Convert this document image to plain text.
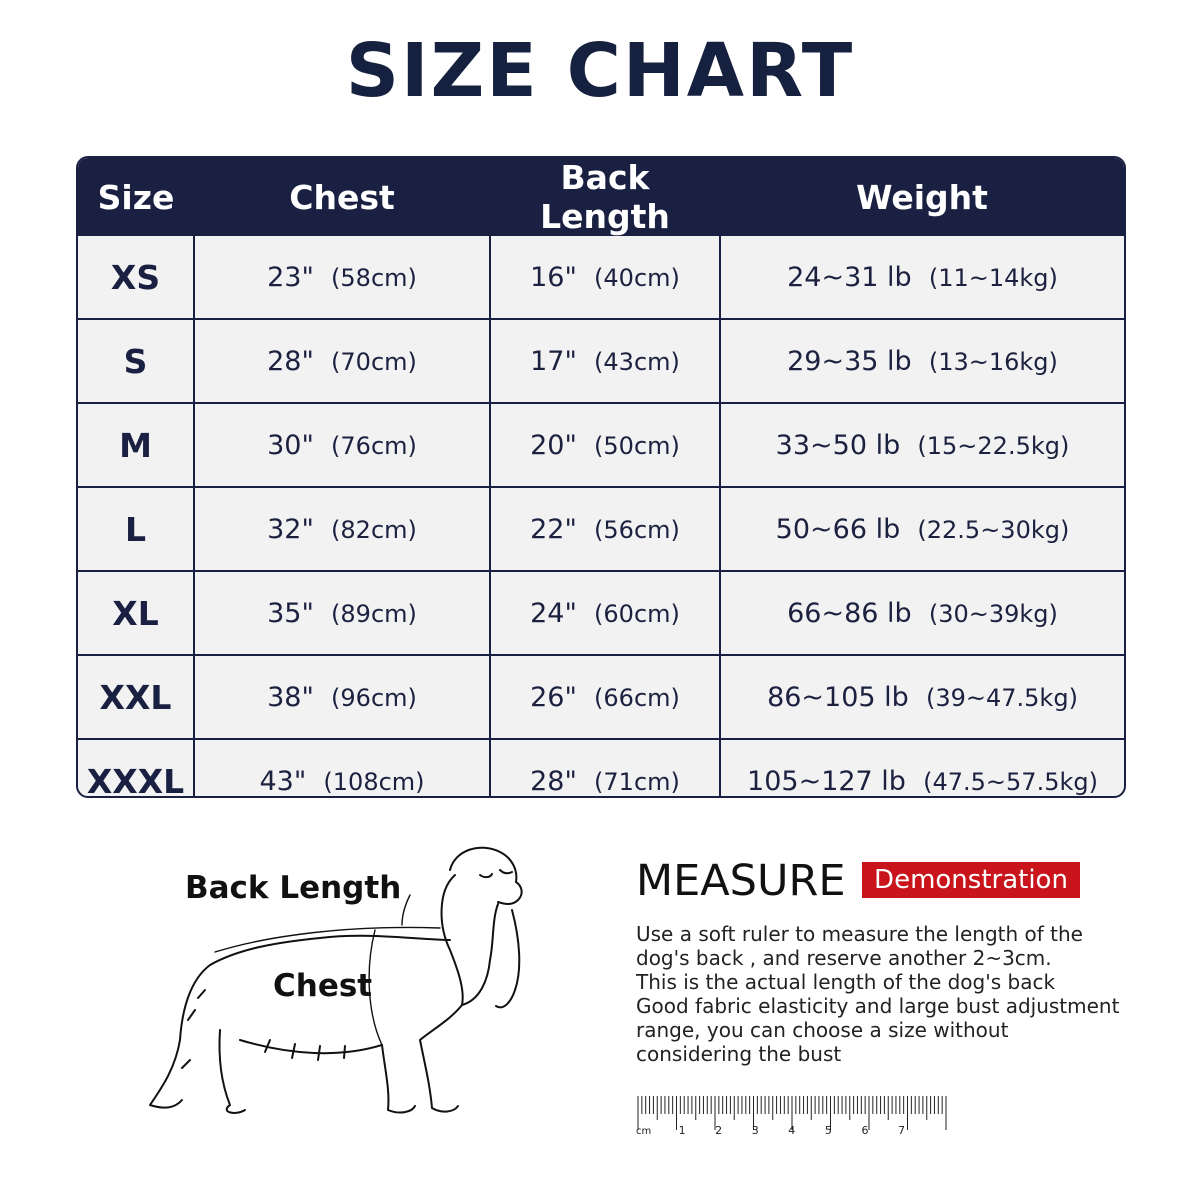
SIZE CHART
Size	Chest	Back Length	Weight
XS	23" (58cm)	16" (40cm)	24~31 lb (11~14kg)
S	28" (70cm)	17" (43cm)	29~35 lb (13~16kg)
M	30" (76cm)	20" (50cm)	33~50 lb (15~22.5kg)
L	32" (82cm)	22" (56cm)	50~66 lb (22.5~30kg)
XL	35" (89cm)	24" (60cm)	66~86 lb (30~39kg)
XXL	38" (96cm)	26" (66cm)	86~105 lb (39~47.5kg)
XXXL	43" (108cm)	28" (71cm)	105~127 lb (47.5~57.5kg)
Back Length
Chest
MEASURE	Demonstration
Use a soft ruler to measure the length of the
dog's back , and reserve another 2~3cm.
This is the actual length of the dog's back
Good fabric elasticity and large bust adjustment
range, you can choose a size without
considering the bust
cm 1	2	3	4	5	6	7
